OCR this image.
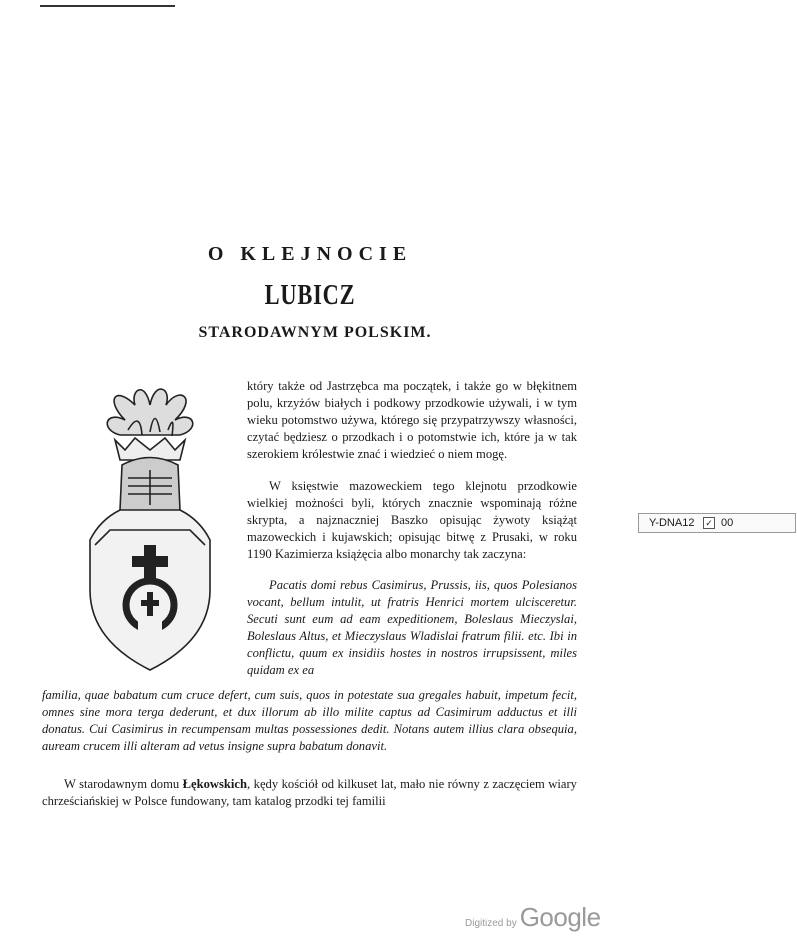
O KLEJNOCIE
LUBICZ
STARODAWNYM POLSKIM.
który także od Jastrzębca ma początek, i także go w błękitnem polu, krzyżów białych i podkowy przodkowie używali, i w tym wieku potomstwo używa, którego się przypatrzywszy własności, czytać będziesz o przodkach i o potomstwie ich, które ja w tak szerokiem królestwie znać i wiedzieć o niem mogę.
W księstwie mazoweckiem tego klejnotu przodkowie wielkiej możności byli, których znacznie wspominają różne skrypta, a najznaczniej Baszko opisując żywoty książąt mazoweckich i kujawskich; opisując bitwę z Prusaki, w roku 1190 Kazimierza książęcia albo monarchy tak zaczyna:
Pacatis domi rebus Casimirus, Prussis, iis, quos Polesianos vocant, bellum intulit, ut fratris Henrici mortem ulcisceretur. Secuti sunt eum ad eam expeditionem, Boleslaus Mieczyslai, Boleslaus Altus, et Mieczyslaus Wladislai fratrum filii. etc. Ibi in conflictu, quum ex insidiis hostes in nostros irrupsissent, miles quidam ex ea
familia, quae babatum cum cruce defert, cum suis, quos in potestate sua gregales habuit, impetum fecit, omnes sine mora terga dederunt, et dux illorum ab illo milite captus ad Casimirum adductus et illi donatus. Cui Casimirus in recumpensam multas possessiones dedit. Notans autem illius clara obsequia, auream crucem illi alteram ad vetus insigne supra babatum donavit.
W starodawnym domu Łękowskich, kędy kościół od kilkuset lat, mało nie równy z zaczęciem wiary chrześciańskiej w Polsce fundowany, tam katalog przodki tej familii
Y-DNA12 ✓ 00
Digitized by Google
